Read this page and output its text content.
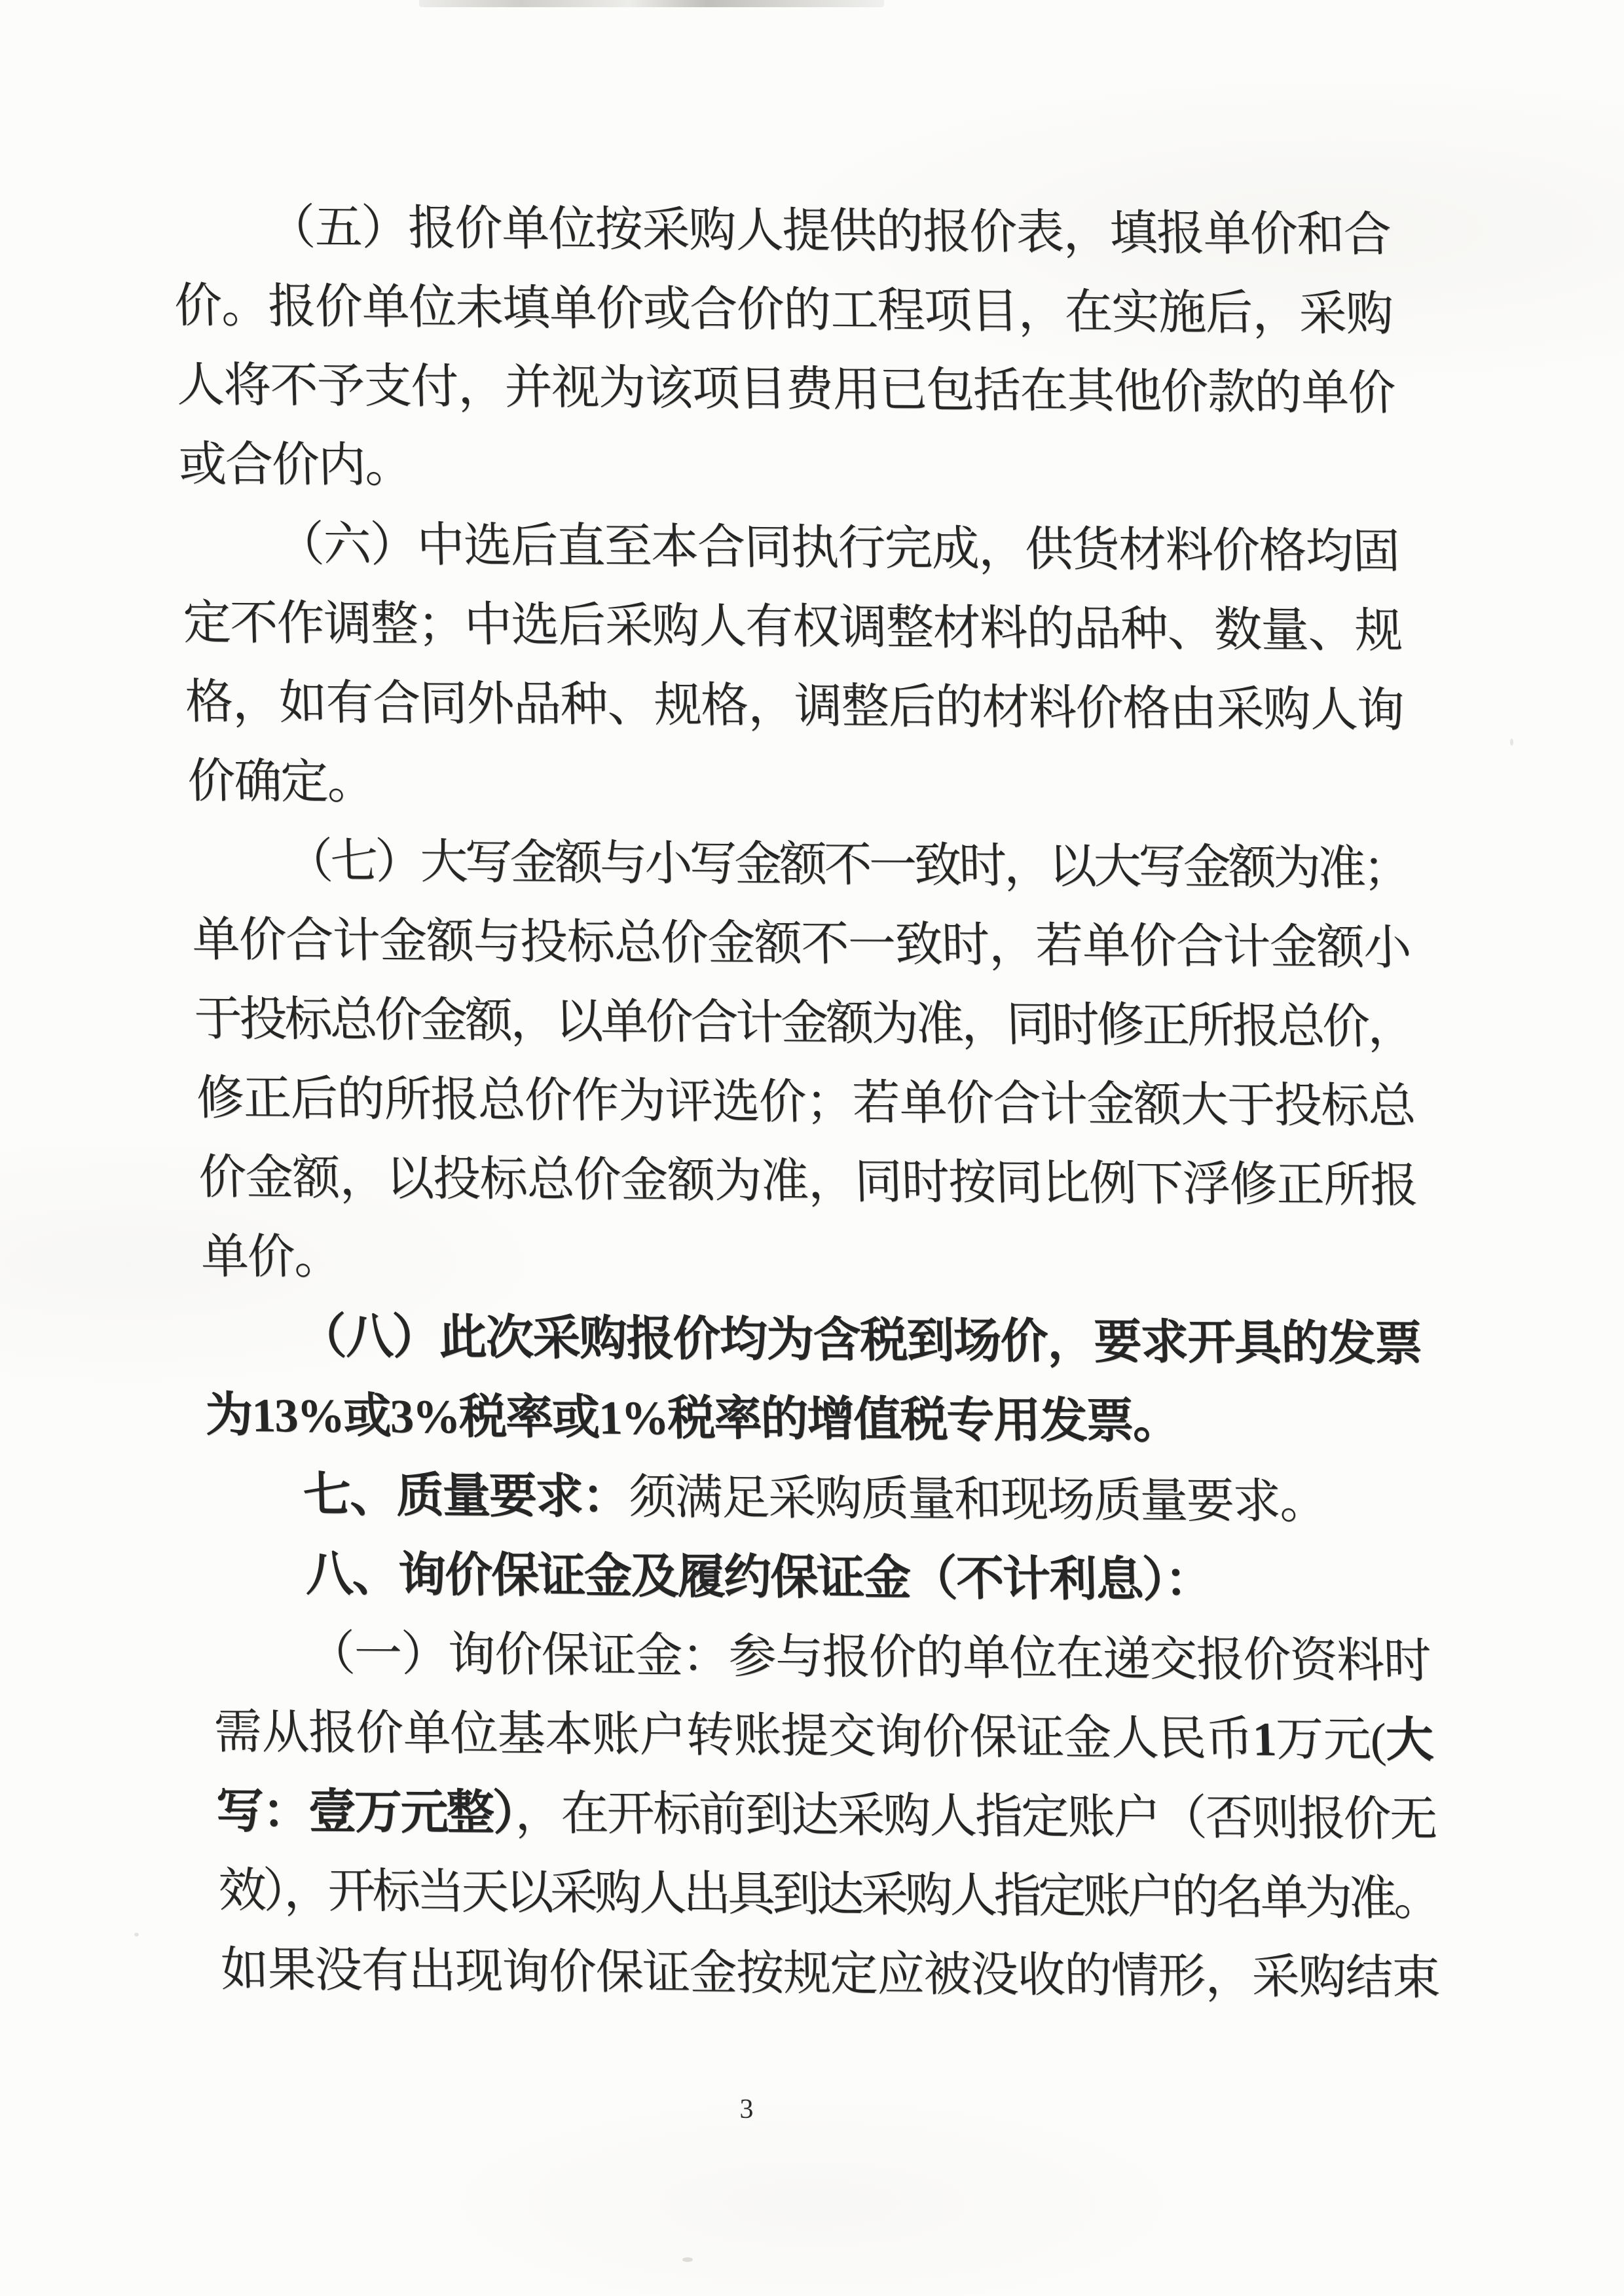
（五）报价单位按采购人提供的报价表，填报单价和合
价。报价单位未填单价或合价的工程项目，在实施后，采购
人将不予支付，并视为该项目费用已包括在其他价款的单价
或合价内。
（六）中选后直至本合同执行完成，供货材料价格均固
定不作调整；中选后采购人有权调整材料的品种、数量、规
格，如有合同外品种、规格，调整后的材料价格由采购人询
价确定。
（七）大写金额与小写金额不一致时，以大写金额为准；
单价合计金额与投标总价金额不一致时，若单价合计金额小
于投标总价金额，以单价合计金额为准，同时修正所报总价，
修正后的所报总价作为评选价；若单价合计金额大于投标总
价金额，以投标总价金额为准，同时按同比例下浮修正所报
单价。
（八）此次采购报价均为含税到场价，要求开具的发票
为13%或3%税率或1%税率的增值税专用发票。
七、质量要求：须满足采购质量和现场质量要求。
八、询价保证金及履约保证金（不计利息）：
（一）询价保证金：参与报价的单位在递交报价资料时
需从报价单位基本账户转账提交询价保证金人民币1万元(大
写：壹万元整），在开标前到达采购人指定账户（否则报价无
效），开标当天以采购人出具到达采购人指定账户的名单为准。
如果没有出现询价保证金按规定应被没收的情形，采购结束
3
